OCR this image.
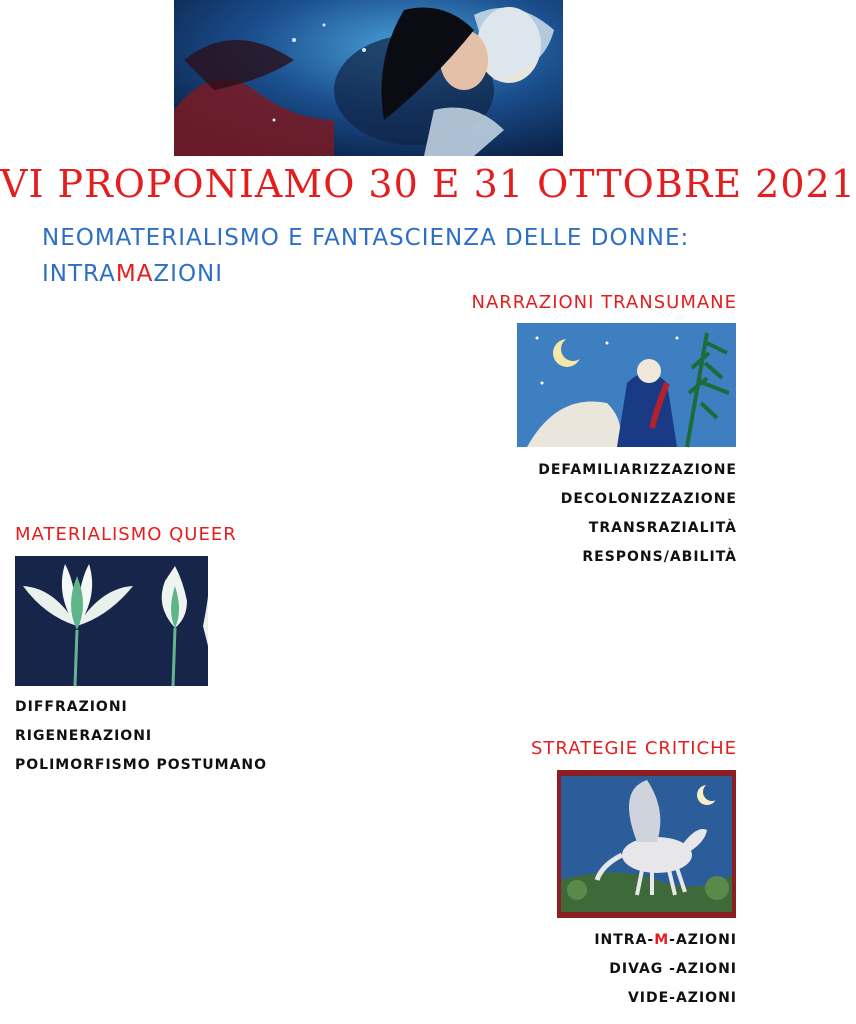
VI PROPONIAMO 30 E 31 OTTOBRE 2021
NEOMATERIALISMO E FANTASCIENZA DELLE DONNE:
INTRAMAZIONI
NARRAZIONI TRANSUMANE
DEFAMILIARIZZAZIONE
DECOLONIZZAZIONE
TRANSRAZIALITÀ
RESPONS/ABILITÀ
MATERIALISMO QUEER
DIFFRAZIONI
RIGENERAZIONI
POLIMORFISMO POSTUMANO
STRATEGIE CRITICHE
INTRA-M-AZIONI
DIVAG -AZIONI
VIDE-AZIONI
